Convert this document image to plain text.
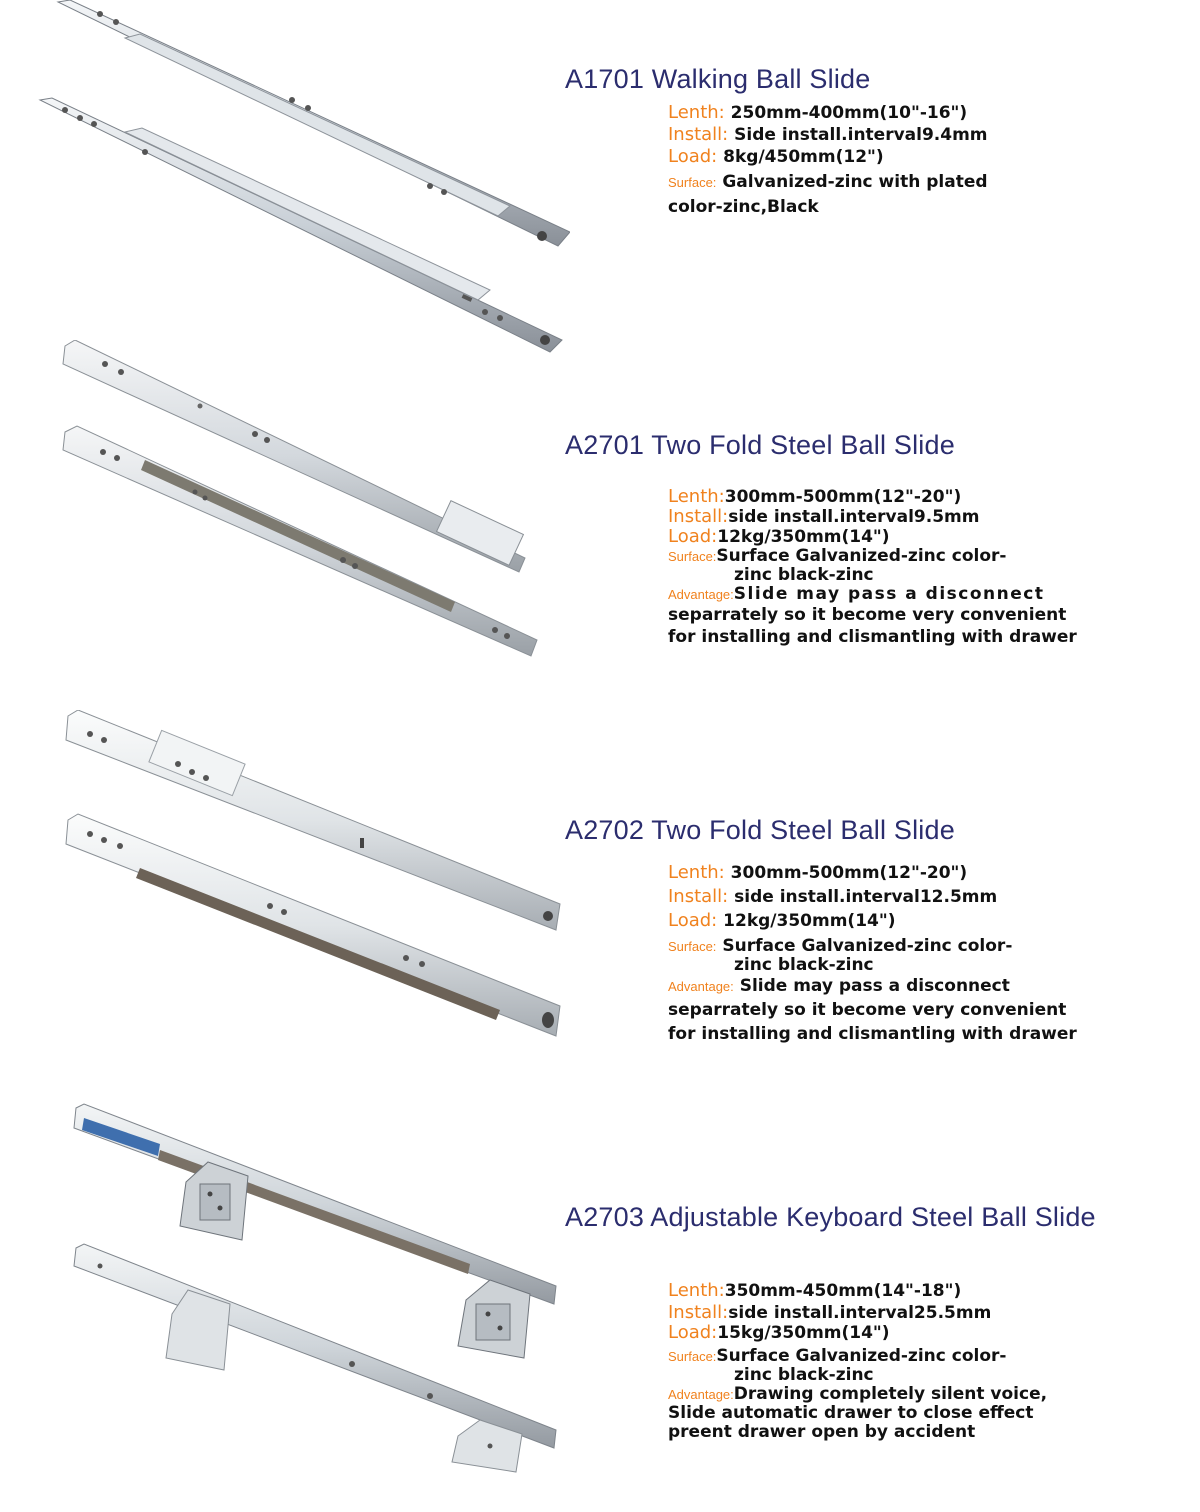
A1701 Walking Ball Slide
Lenth: 250mm-400mm(10"-16")
Install: Side install.interval9.4mm
Load: 8kg/450mm(12")
Surface: Galvanized-zinc with plated
color-zinc,Black
A2701 Two Fold Steel Ball Slide
Lenth:300mm-500mm(12"-20")
Install:side install.interval9.5mm
Load:12kg/350mm(14")
Surface:Surface Galvanized-zinc color-
zinc black-zinc
Advantage:Slide may pass a disconnect
separrately so it become very convenient
for installing and clismantling with drawer
A2702 Two Fold Steel Ball Slide
Lenth: 300mm-500mm(12"-20")
Install: side install.interval12.5mm
Load: 12kg/350mm(14")
Surface: Surface Galvanized-zinc color-
zinc black-zinc
Advantage: Slide may pass a disconnect
separrately so it become very convenient
for installing and clismantling with drawer
A2703 Adjustable Keyboard Steel Ball Slide
Lenth:350mm-450mm(14"-18")
Install:side install.interval25.5mm
Load:15kg/350mm(14")
Surface:Surface Galvanized-zinc color-
zinc black-zinc
Advantage:Drawing completely silent voice,
Slide automatic drawer to close effect
preent drawer open by accident
